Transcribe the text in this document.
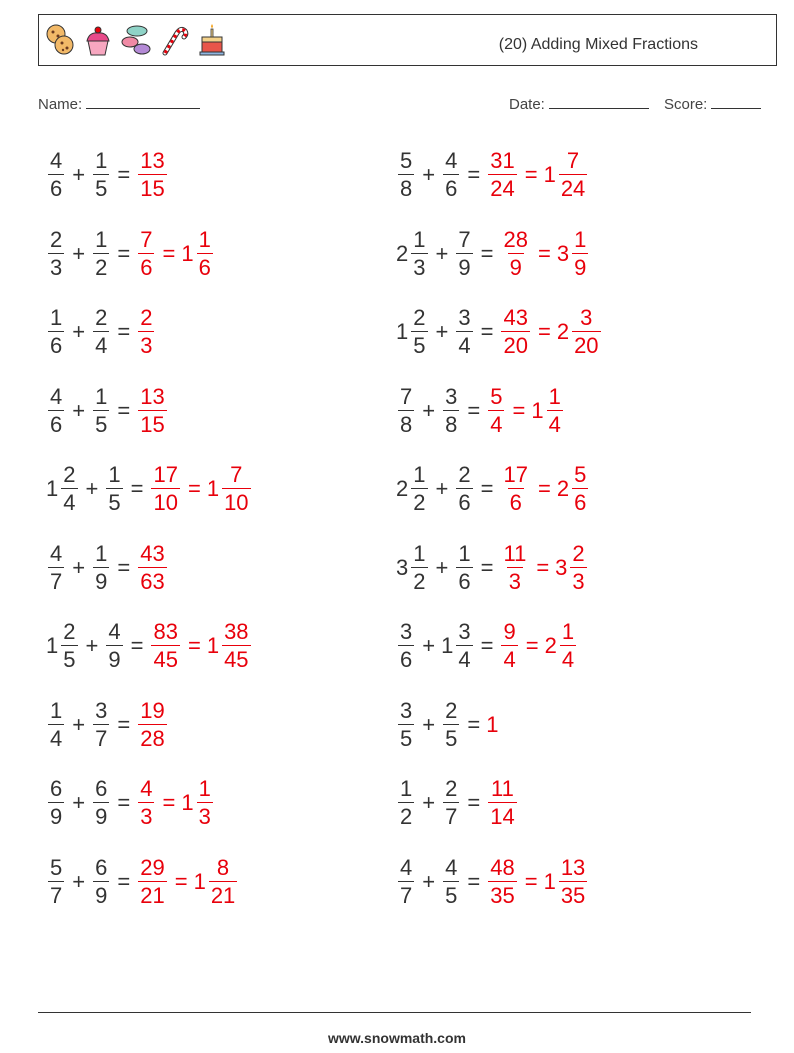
(20) Adding Mixed Fractions
Name:	Date:	Score:
$\frac{4}{6} + \frac{1}{5} = \frac{13}{15}$	$\frac{5}{8} + \frac{4}{6} = \frac{31}{24} = 1 \frac{7}{24}$
$\frac{2}{3} + \frac{1}{2} = \frac{7}{6} = 1 \frac{1}{6}$	$2 \frac{1}{3} + \frac{7}{9} = \frac{28}{9} = 3 \frac{1}{9}$
$\frac{1}{6} + \frac{2}{4} = \frac{2}{3}$	$1 \frac{2}{5} + \frac{3}{4} = \frac{43}{20} = 2 \frac{3}{20}$
$\frac{4}{6} + \frac{1}{5} = \frac{13}{15}$	$\frac{7}{8} + \frac{3}{8} = \frac{5}{4} = 1 \frac{1}{4}$
$1 \frac{2}{4} + \frac{1}{5} = \frac{17}{10} = 1 \frac{7}{10}$	$2 \frac{1}{2} + \frac{2}{6} = \frac{17}{6} = 2 \frac{5}{6}$
$\frac{4}{7} + \frac{1}{9} = \frac{43}{63}$	$3 \frac{1}{2} + \frac{1}{6} = \frac{11}{3} = 3 \frac{2}{3}$
$1 \frac{2}{5} + \frac{4}{9} = \frac{83}{45} = 1 \frac{38}{45}$	$\frac{3}{6} + 1 \frac{3}{4} = \frac{9}{4} = 2 \frac{1}{4}$
$\frac{1}{4} + \frac{3}{7} = \frac{19}{28}$	$\frac{3}{5} + \frac{2}{5} = 1$
$\frac{6}{9} + \frac{6}{9} = \frac{4}{3} = 1 \frac{1}{3}$	$\frac{1}{2} + \frac{2}{7} = \frac{11}{14}$
$\frac{5}{7} + \frac{6}{9} = \frac{29}{21} = 1 \frac{8}{21}$	$\frac{4}{7} + \frac{4}{5} = \frac{48}{35} = 1 \frac{13}{35}$
www.snowmath.com
